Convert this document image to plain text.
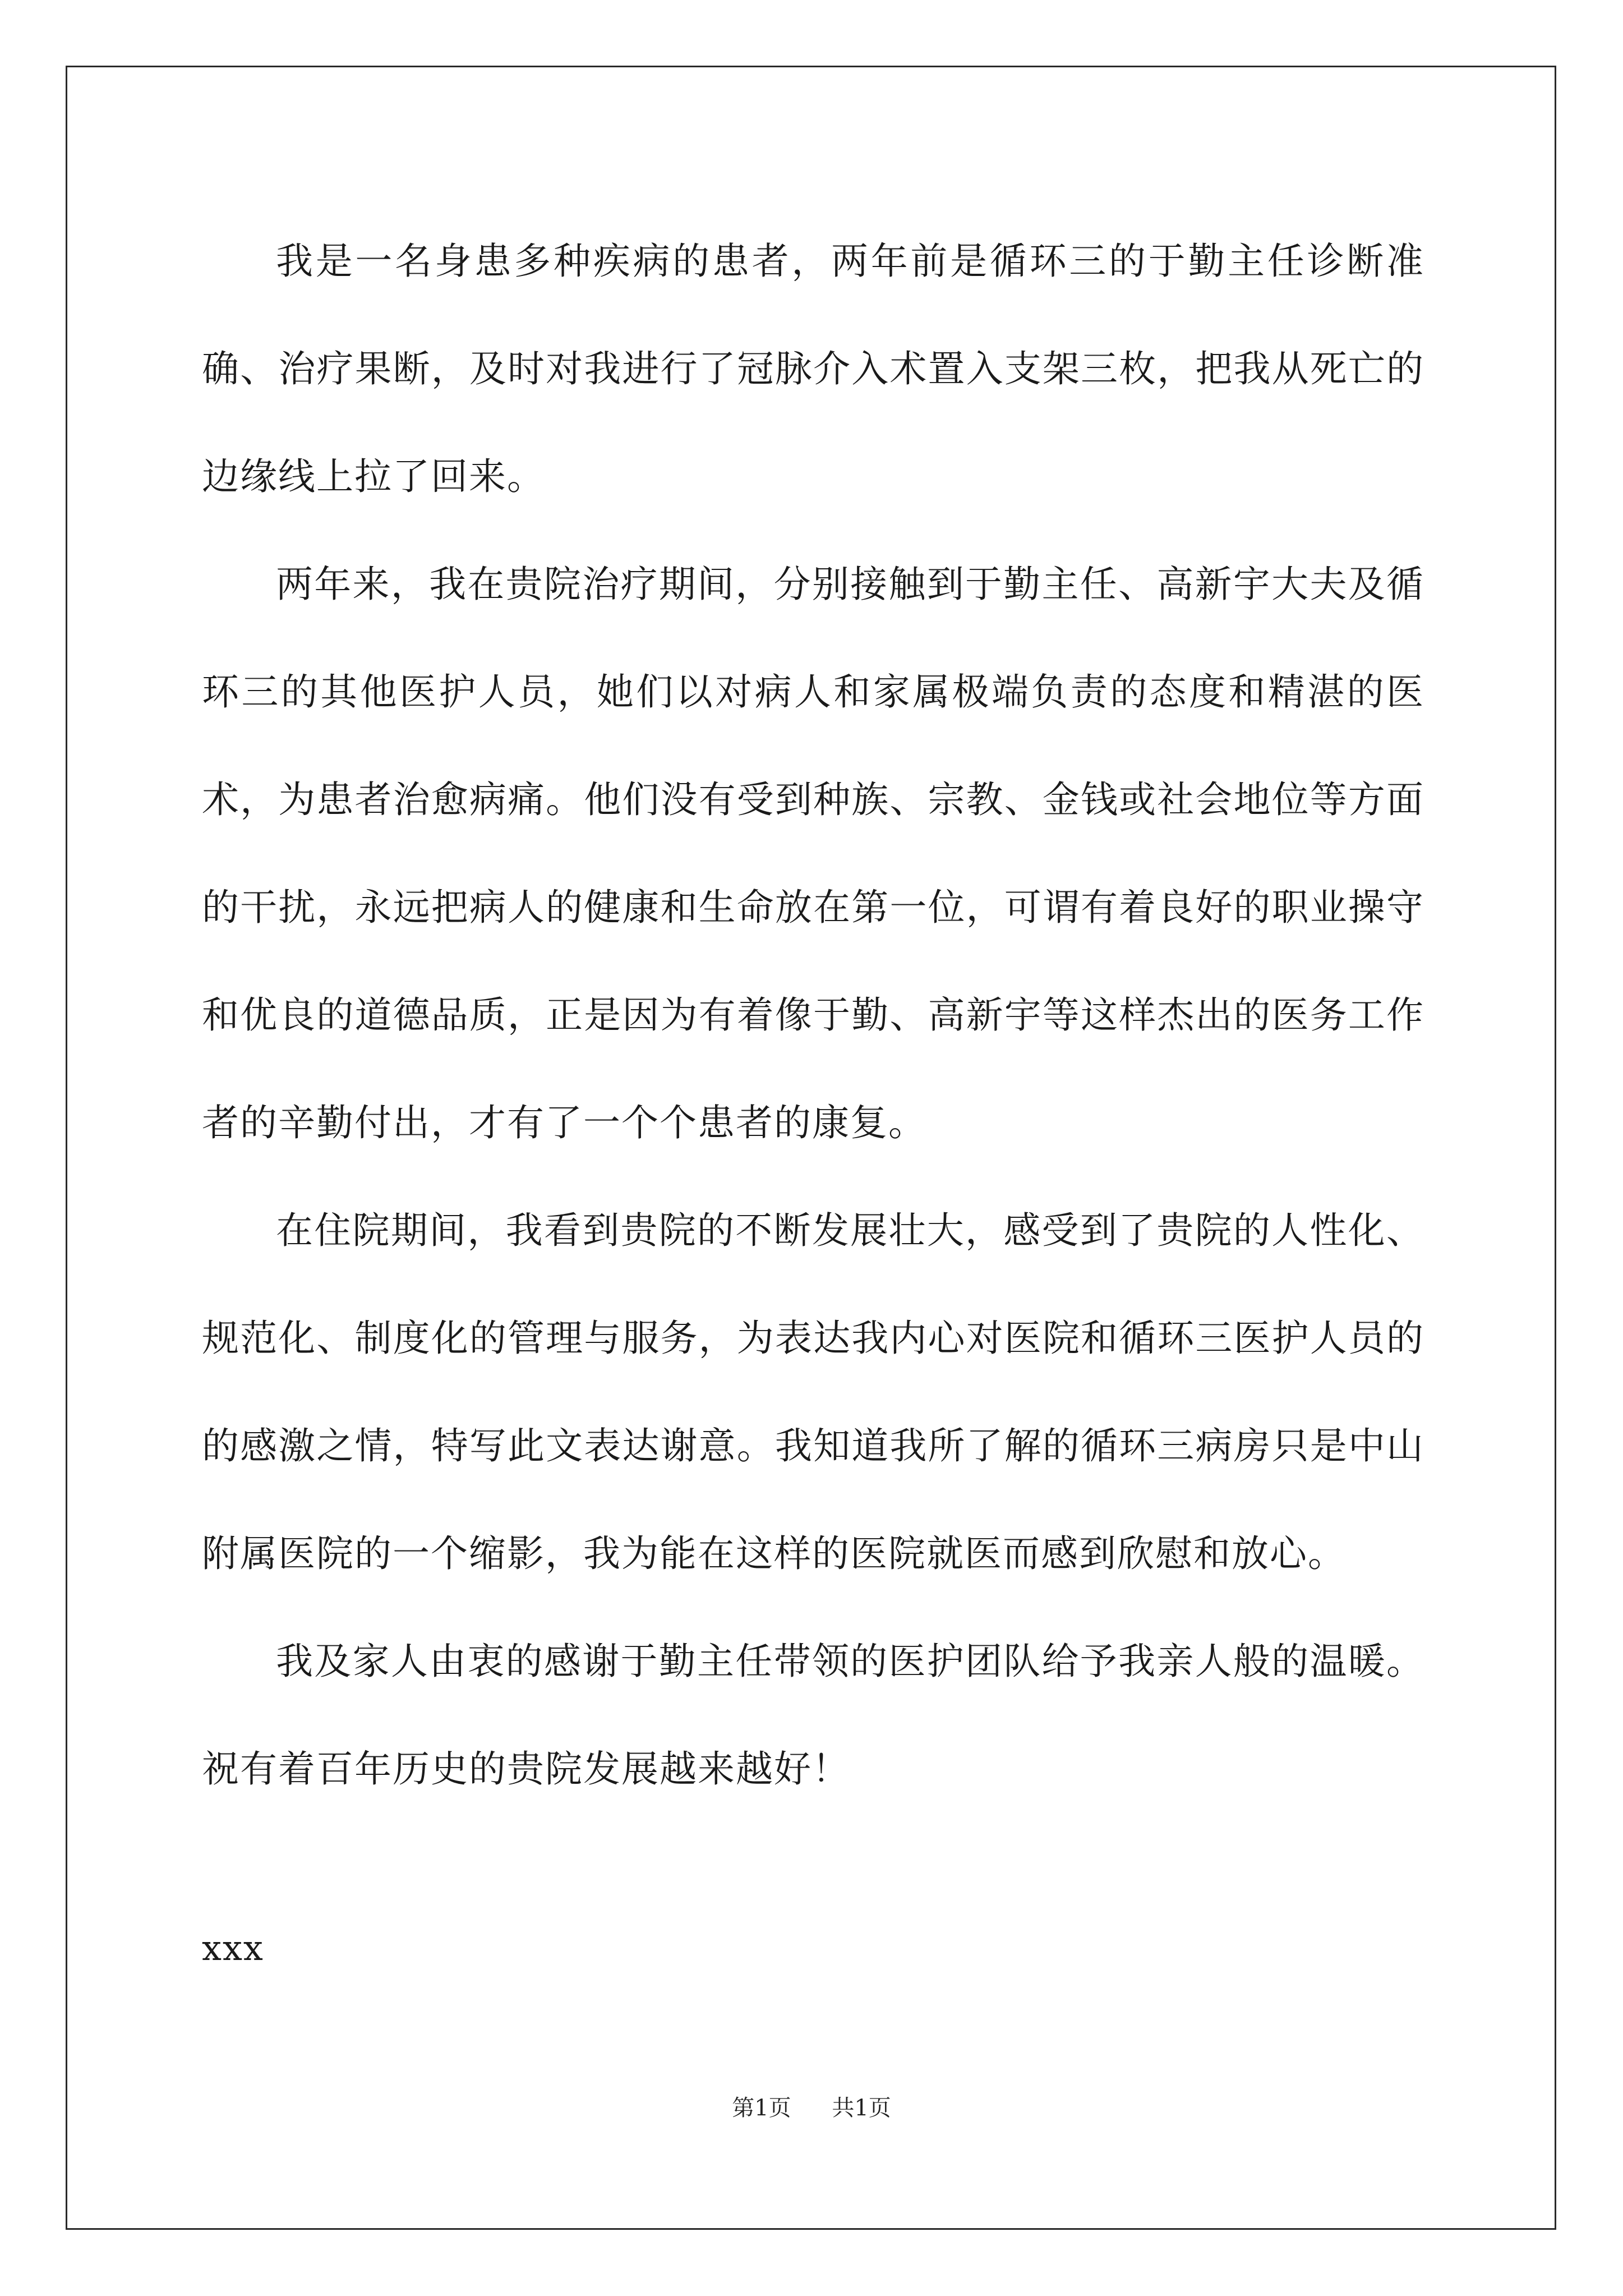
我是一名身患多种疾病的患者，两年前是循环三的于勤主任诊断准确、治疗果断，及时对我进行了冠脉介入术置入支架三枚，把我从死亡的边缘线上拉了回来。

两年来，我在贵院治疗期间，分别接触到于勤主任、高新宇大夫及循环三的其他医护人员，她们以对病人和家属极端负责的态度和精湛的医术，为患者治愈病痛。他们没有受到种族、宗教、金钱或社会地位等方面的干扰，永远把病人的健康和生命放在第一位，可谓有着良好的职业操守和优良的道德品质，正是因为有着像于勤、高新宇等这样杰出的医务工作者的辛勤付出，才有了一个个患者的康复。

在住院期间，我看到贵院的不断发展壮大，感受到了贵院的人性化、规范化、制度化的管理与服务，为表达我内心对医院和循环三医护人员的的感激之情，特写此文表达谢意。我知道我所了解的循环三病房只是中山附属医院的一个缩影，我为能在这样的医院就医而感到欣慰和放心。

我及家人由衷的感谢于勤主任带领的医护团队给予我亲人般的温暖。祝有着百年历史的贵院发展越来越好！

xxx
第1页 共1页
